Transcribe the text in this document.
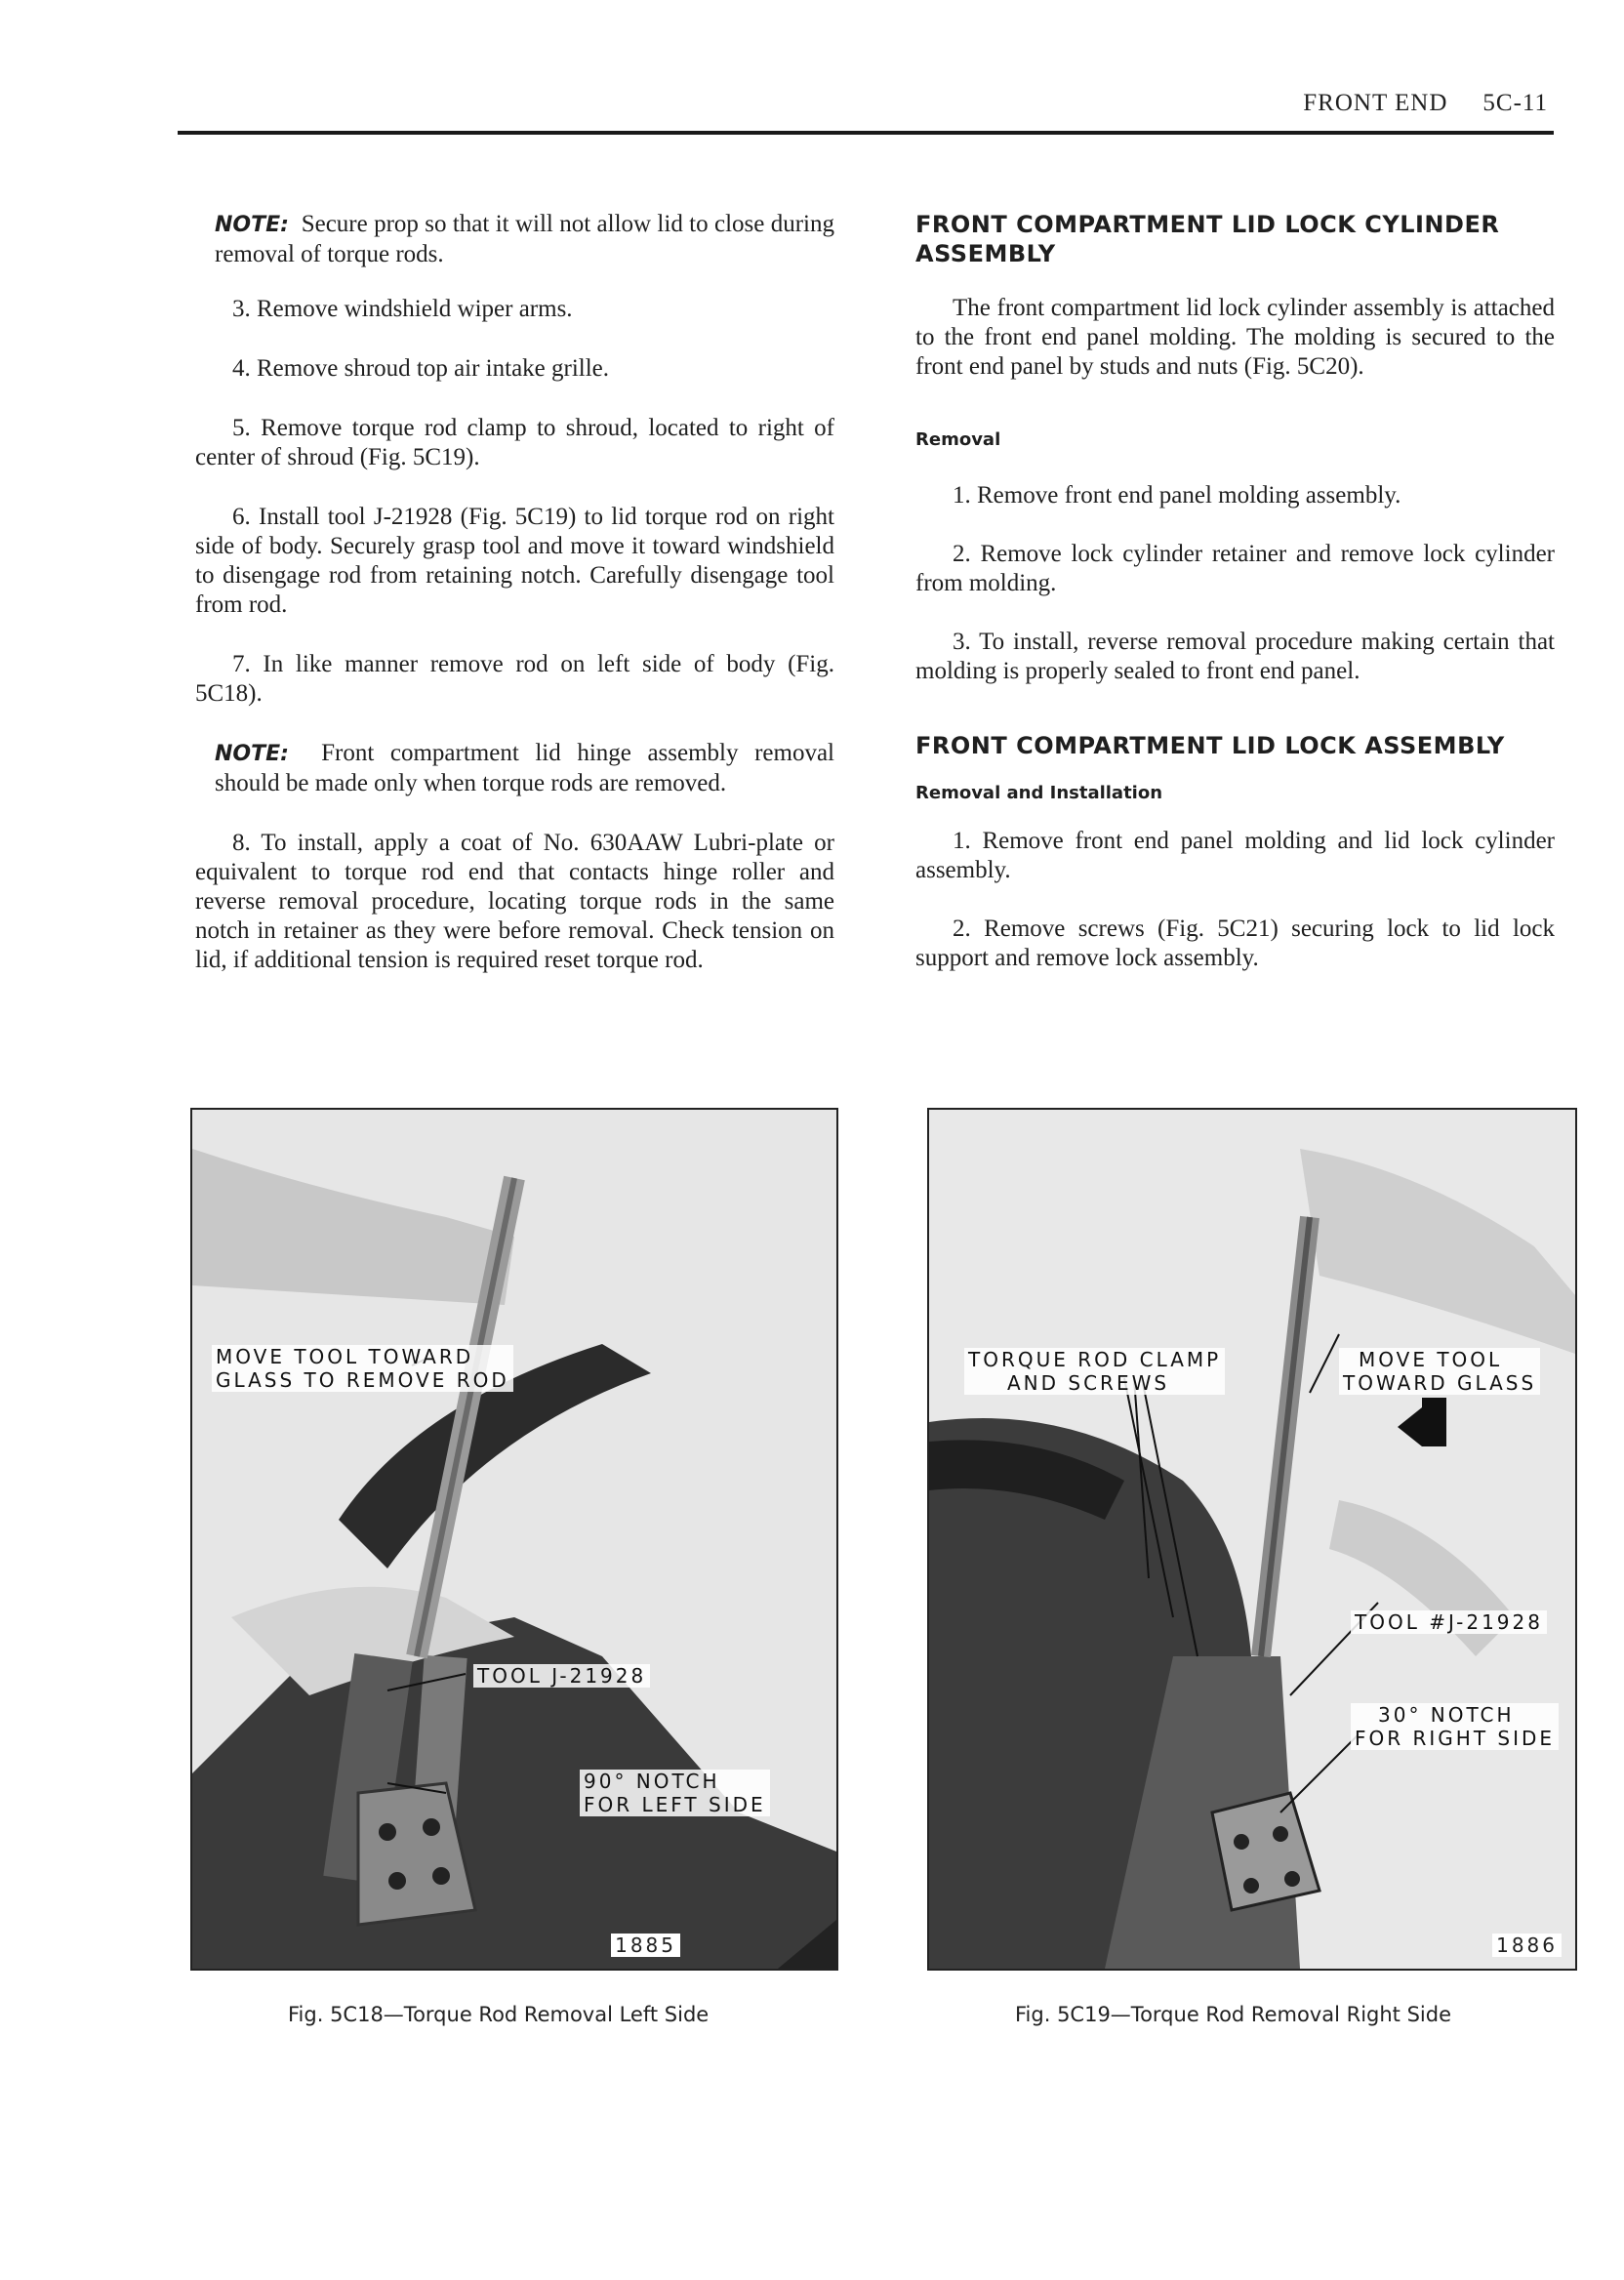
FRONT END 5C-11

NOTE: Secure prop so that it will not allow lid to close during removal of torque rods.

3. Remove windshield wiper arms.

4. Remove shroud top air intake grille.

5. Remove torque rod clamp to shroud, located to right of center of shroud (Fig. 5C19).

6. Install tool J-21928 (Fig. 5C19) to lid torque rod on right side of body. Securely grasp tool and move it toward windshield to disengage rod from retaining notch. Carefully disengage tool from rod.

7. In like manner remove rod on left side of body (Fig. 5C18).

NOTE: Front compartment lid hinge assembly removal should be made only when torque rods are removed.

8. To install, apply a coat of No. 630AAW Lubri-plate or equivalent to torque rod end that contacts hinge roller and reverse removal procedure, locating torque rods in the same notch in retainer as they were before removal. Check tension on lid, if additional tension is required reset torque rod.

FRONT COMPARTMENT LID LOCK CYLINDER ASSEMBLY

The front compartment lid lock cylinder assembly is attached to the front end panel molding. The molding is secured to the front end panel by studs and nuts (Fig. 5C20).

Removal

1. Remove front end panel molding assembly.

2. Remove lock cylinder retainer and remove lock cylinder from molding.

3. To install, reverse removal procedure making certain that molding is properly sealed to front end panel.

FRONT COMPARTMENT LID LOCK ASSEMBLY
Removal and Installation

1. Remove front end panel molding and lid lock cylinder assembly.

2. Remove screws (Fig. 5C21) securing lock to lid lock support and remove lock assembly.

MOVE TOOL TOWARD
GLASS TO REMOVE ROD
TOOL J-21928
90° NOTCH
FOR LEFT SIDE
1885
Fig. 5C18—Torque Rod Removal Left Side
TORQUE ROD CLAMP
AND SCREWS
MOVE TOOL
TOWARD GLASS
TOOL #J-21928
30° NOTCH
FOR RIGHT SIDE
1886
Fig. 5C19—Torque Rod Removal Right Side
